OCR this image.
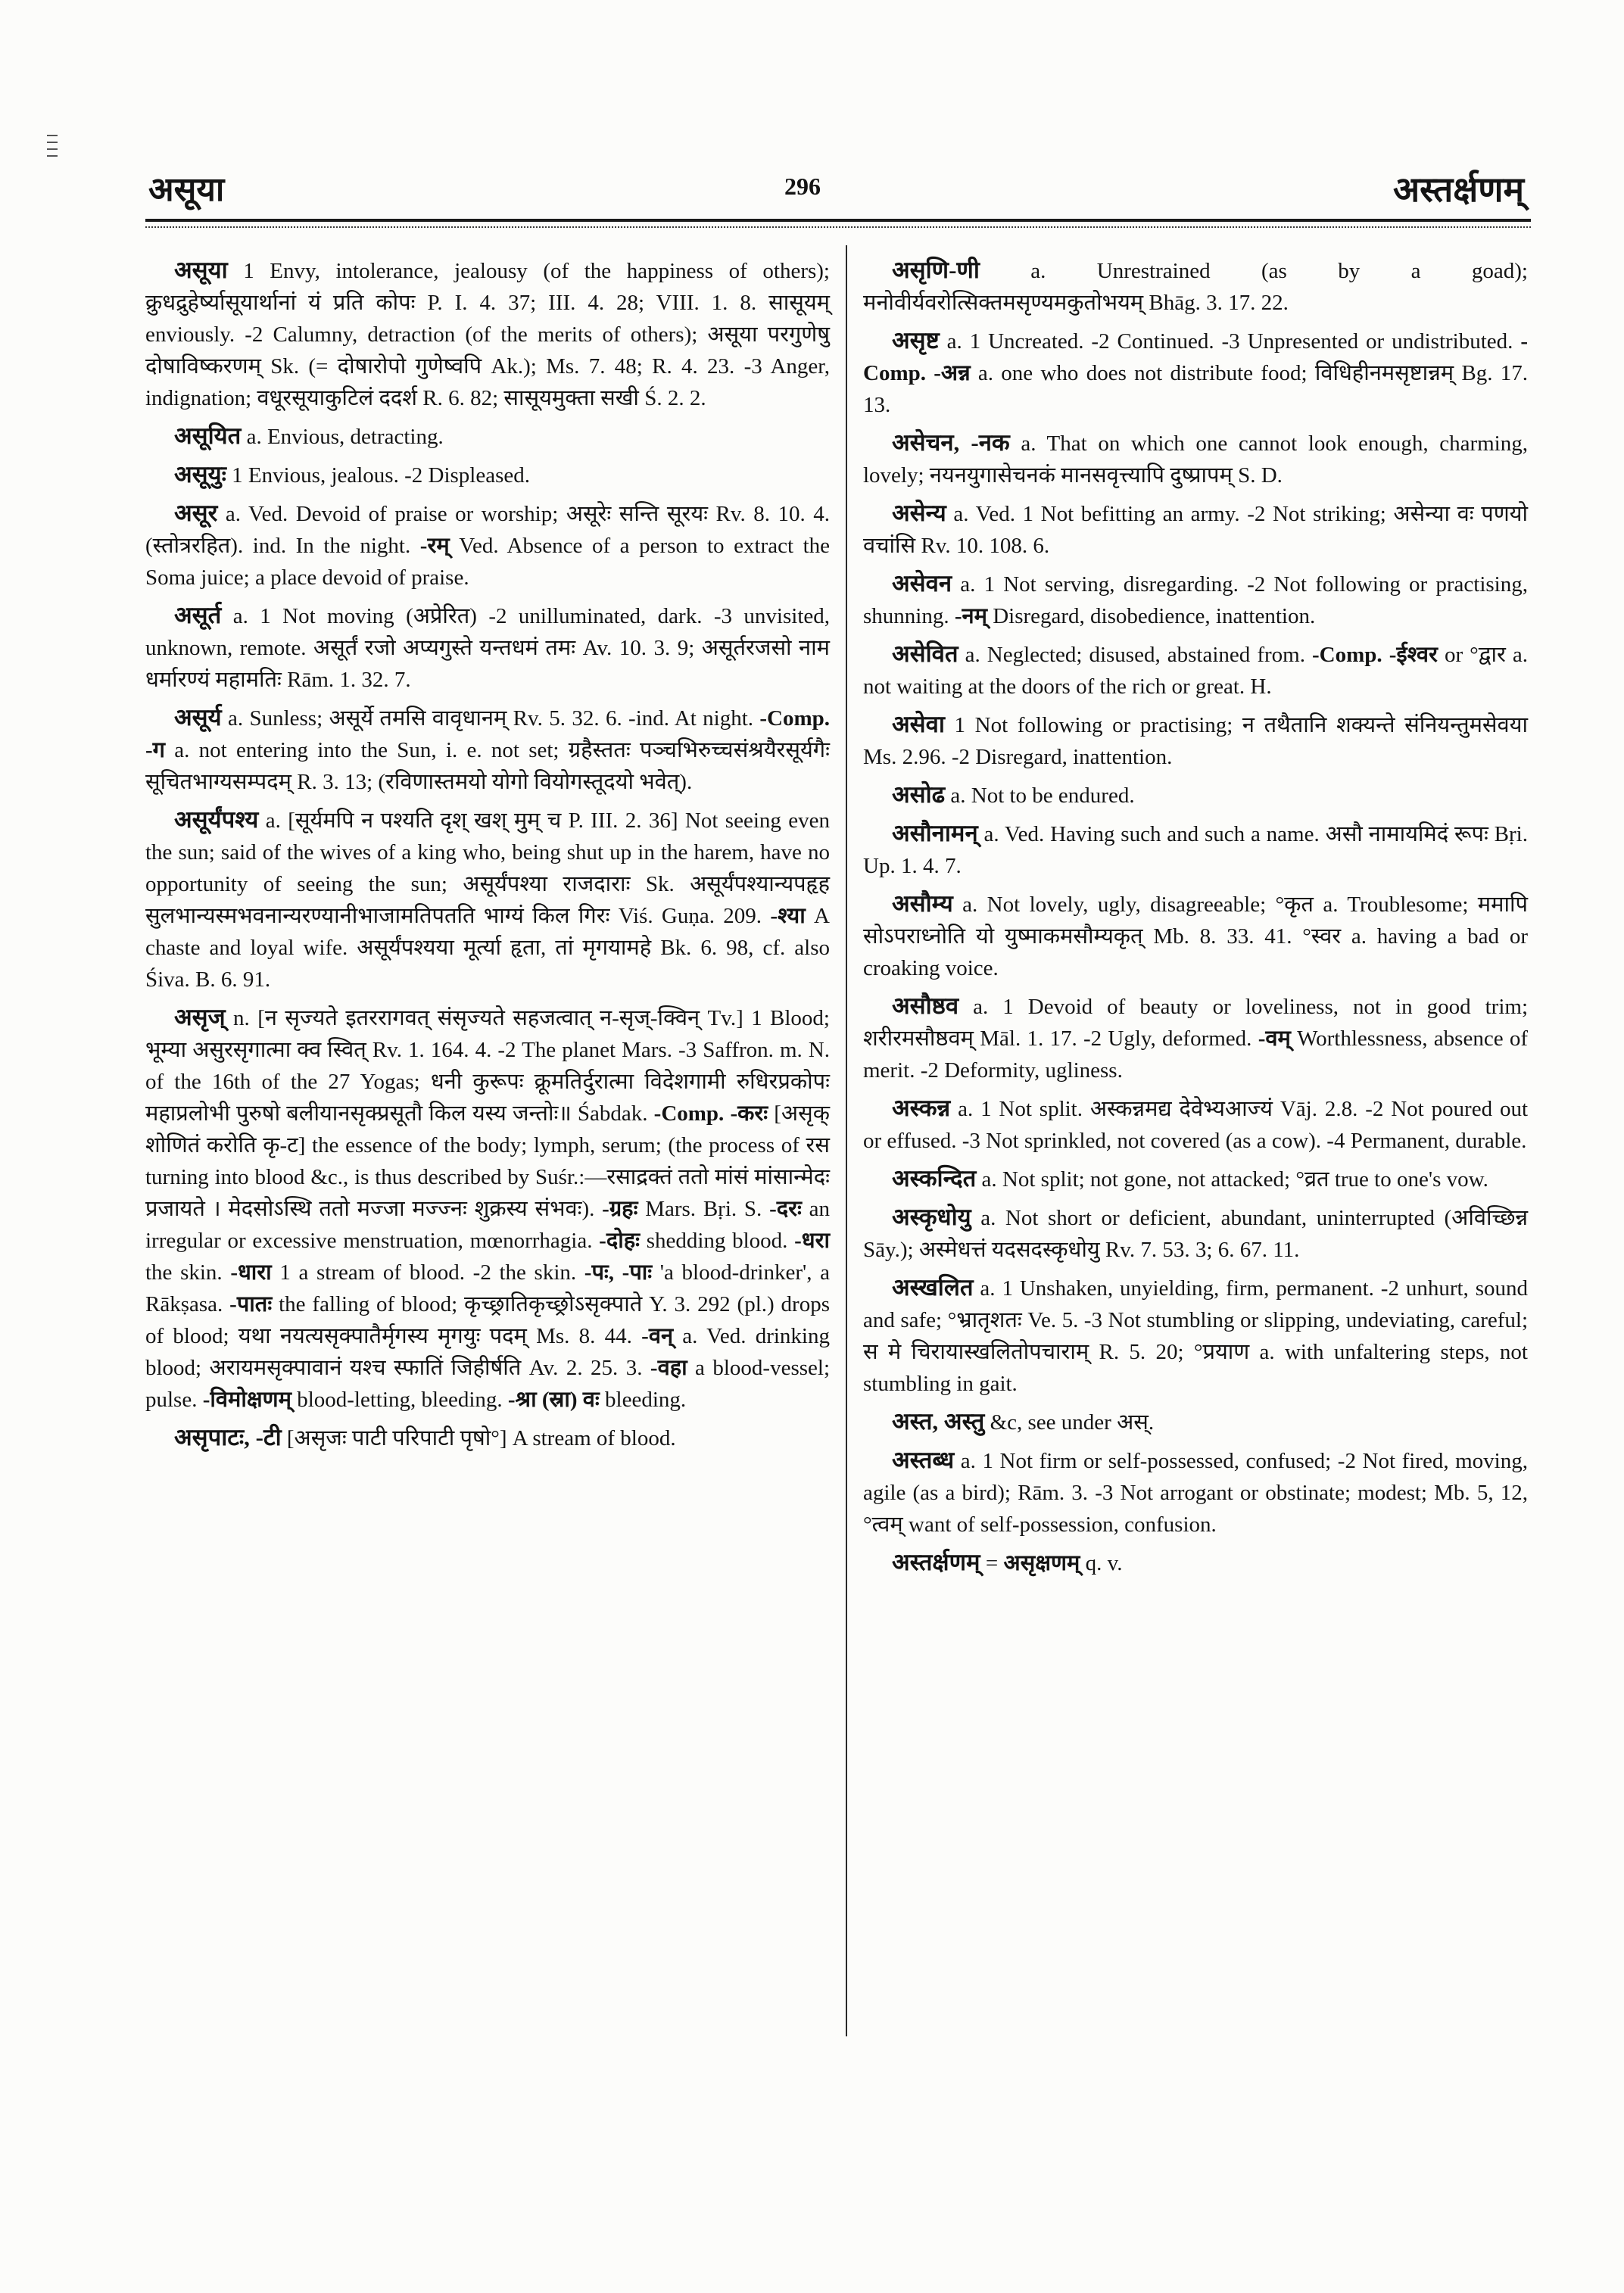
असूया	296	अस्तर्क्षणम्

असूया 1 Envy, intolerance, jealousy (of the happiness of others); क्रुधद्रुहेर्ष्यासूयार्थानां यं प्रति कोपः P. I. 4. 37; III. 4. 28; VIII. 1. 8. सासूयम् enviously. -2 Calumny, detraction (of the merits of others); असूया परगुणेषु दोषाविष्करणम् Sk. (= दोषारोपो गुणेष्वपि Ak.); Ms. 7. 48; R. 4. 23. -3 Anger, indignation; वधूरसूयाकुटिलं ददर्श R. 6. 82; सासूयमुक्ता सखी Ś. 2. 2.

असूयित a. Envious, detracting.

असूयुः 1 Envious, jealous. -2 Displeased.

असूर a. Ved. Devoid of praise or worship; असूरेः सन्ति सूरयः Rv. 8. 10. 4. (स्तोत्ररहित). ind. In the night. -रम् Ved. Absence of a person to extract the Soma juice; a place devoid of praise.

असूर्त a. 1 Not moving (अप्रेरित) -2 unilluminated, dark. -3 unvisited, unknown, remote. असूर्तं रजो अप्यगुस्ते यन्तधमं तमः Av. 10. 3. 9; असूर्तरजसो नाम धर्मारण्यं महामतिः Rām. 1. 32. 7.

असूर्य a. Sunless; असूर्ये तमसि वावृधानम् Rv. 5. 32. 6. -ind. At night. -Comp. -ग a. not entering into the Sun, i. e. not set; ग्रहैस्ततः पञ्चभिरुच्चसंश्रयैरसूर्यगैः सूचितभाग्यसम्पदम् R. 3. 13; (रविणास्तमयो योगो वियोगस्तूदयो भवेत्).

असूर्यंपश्य a. [सूर्यमपि न पश्यति दृश् खश् मुम् च P. III. 2. 36] Not seeing even the sun; said of the wives of a king who, being shut up in the harem, have no opportunity of seeing the sun; असूर्यंपश्या राजदाराः Sk. असूर्यंपश्यान्यपहृह सुलभान्यस्मभवनान्यरण्यानीभाजामतिपतति भाग्यं किल गिरः Viś. Guṇa. 209. -श्या A chaste and loyal wife. असूर्यंपश्यया मूर्त्या हृता, तां मृगयामहे Bk. 6. 98, cf. also Śiva. B. 6. 91.

असृज् n. [न सृज्यते इतररागवत् संसृज्यते सहजत्वात् न-सृज्-क्विन् Tv.] 1 Blood; भूम्या असुरसृगात्मा क्व स्वित् Rv. 1. 164. 4. -2 The planet Mars. -3 Saffron. m. N. of the 16th of the 27 Yogas; धनी कुरूपः क्रूमतिर्दुरात्मा विदेशगामी रुधिरप्रकोपः महाप्रलोभी पुरुषो बलीयानसृक्प्रसूतौ किल यस्य जन्तोः॥ Śabdak. -Comp. -करः [असृक् शोणितं करोति कृ-ट] the essence of the body; lymph, serum; (the process of रस turning into blood &c., is thus described by Suśr.:—रसाद्रक्तं ततो मांसं मांसान्मेदः प्रजायते । मेदसोऽस्थि ततो मज्जा मज्ज्नः शुक्रस्य संभवः). -ग्रहः Mars. Bṛi. S. -दरः an irregular or excessive menstruation, mœnorrhagia. -दोहः shedding blood. -धरा the skin. -धारा 1 a stream of blood. -2 the skin. -पः, -पाः 'a blood-drinker', a Rākṣasa. -पातः the falling of blood; कृच्छ्रातिकृच्छ्रोऽसृक्पाते Y. 3. 292 (pl.) drops of blood; यथा नयत्यसृक्पातैर्मृगस्य मृगयुः पदम् Ms. 8. 44. -वन् a. Ved. drinking blood; अरायमसृक्पावानं यश्च स्फातिं जिहीर्षति Av. 2. 25. 3. -वहा a blood-vessel; pulse. -विमोक्षणम् blood-letting, bleeding. -श्रा (स्रा) वः bleeding.

असृपाटः, -टी [असृजः पाटी परिपाटी पृषो°] A stream of blood.

असृणि-णी a. Unrestrained (as by a goad); मनोवीर्यवरोत्सिक्तमसृण्यमकुतोभयम् Bhāg. 3. 17. 22.

असृष्ट a. 1 Uncreated. -2 Continued. -3 Unpresented or undistributed. -Comp. -अन्न a. one who does not distribute food; विधिहीनमसृष्टान्नम् Bg. 17. 13.

असेचन, -नक a. That on which one cannot look enough, charming, lovely; नयनयुगासेचनकं मानसवृत्त्यापि दुष्प्रापम् S. D.

असेन्य a. Ved. 1 Not befitting an army. -2 Not striking; असेन्या वः पणयो वचांसि Rv. 10. 108. 6.

असेवन a. 1 Not serving, disregarding. -2 Not following or practising, shunning. -नम् Disregard, disobedience, inattention.

असेवित a. Neglected; disused, abstained from. -Comp. -ईश्वर or °द्वार a. not waiting at the doors of the rich or great. H.

असेवा 1 Not following or practising; न तथैतानि शक्यन्ते संनियन्तुमसेवया Ms. 2.96. -2 Disregard, inattention.

असोढ a. Not to be endured.

असौनामन् a. Ved. Having such and such a name. असौ नामायमिदं रूपः Bṛi. Up. 1. 4. 7.

असौम्य a. Not lovely, ugly, disagreeable; °कृत a. Troublesome; ममापि सोऽपराध्नोति यो युष्माकमसौम्यकृत् Mb. 8. 33. 41. °स्वर a. having a bad or croaking voice.

असौष्ठव a. 1 Devoid of beauty or loveliness, not in good trim; शरीरमसौष्ठवम् Māl. 1. 17. -2 Ugly, deformed. -वम् Worthlessness, absence of merit. -2 Deformity, ugliness.

अस्कन्न a. 1 Not split. अस्कन्नमद्य देवेभ्यआज्यं Vāj. 2.8. -2 Not poured out or effused. -3 Not sprinkled, not covered (as a cow). -4 Permanent, durable.

अस्कन्दित a. Not split; not gone, not attacked; °व्रत true to one's vow.

अस्कृधोयु a. Not short or deficient, abundant, uninterrupted (अविच्छिन्न Sāy.); अस्मेधत्तं यदसदस्कृधोयु Rv. 7. 53. 3; 6. 67. 11.

अस्खलित a. 1 Unshaken, unyielding, firm, permanent. -2 unhurt, sound and safe; °भ्रातृशतः Ve. 5. -3 Not stumbling or slipping, undeviating, careful; स मे चिरायास्खलितोपचाराम् R. 5. 20; °प्रयाण a. with unfaltering steps, not stumbling in gait.

अस्त, अस्तु &c, see under अस्.

अस्तब्ध a. 1 Not firm or self-possessed, confused; -2 Not fired, moving, agile (as a bird); Rām. 3. -3 Not arrogant or obstinate; modest; Mb. 5, 12, °त्वम् want of self-possession, confusion.

अस्तर्क्षणम् = असृक्षणम् q. v.
